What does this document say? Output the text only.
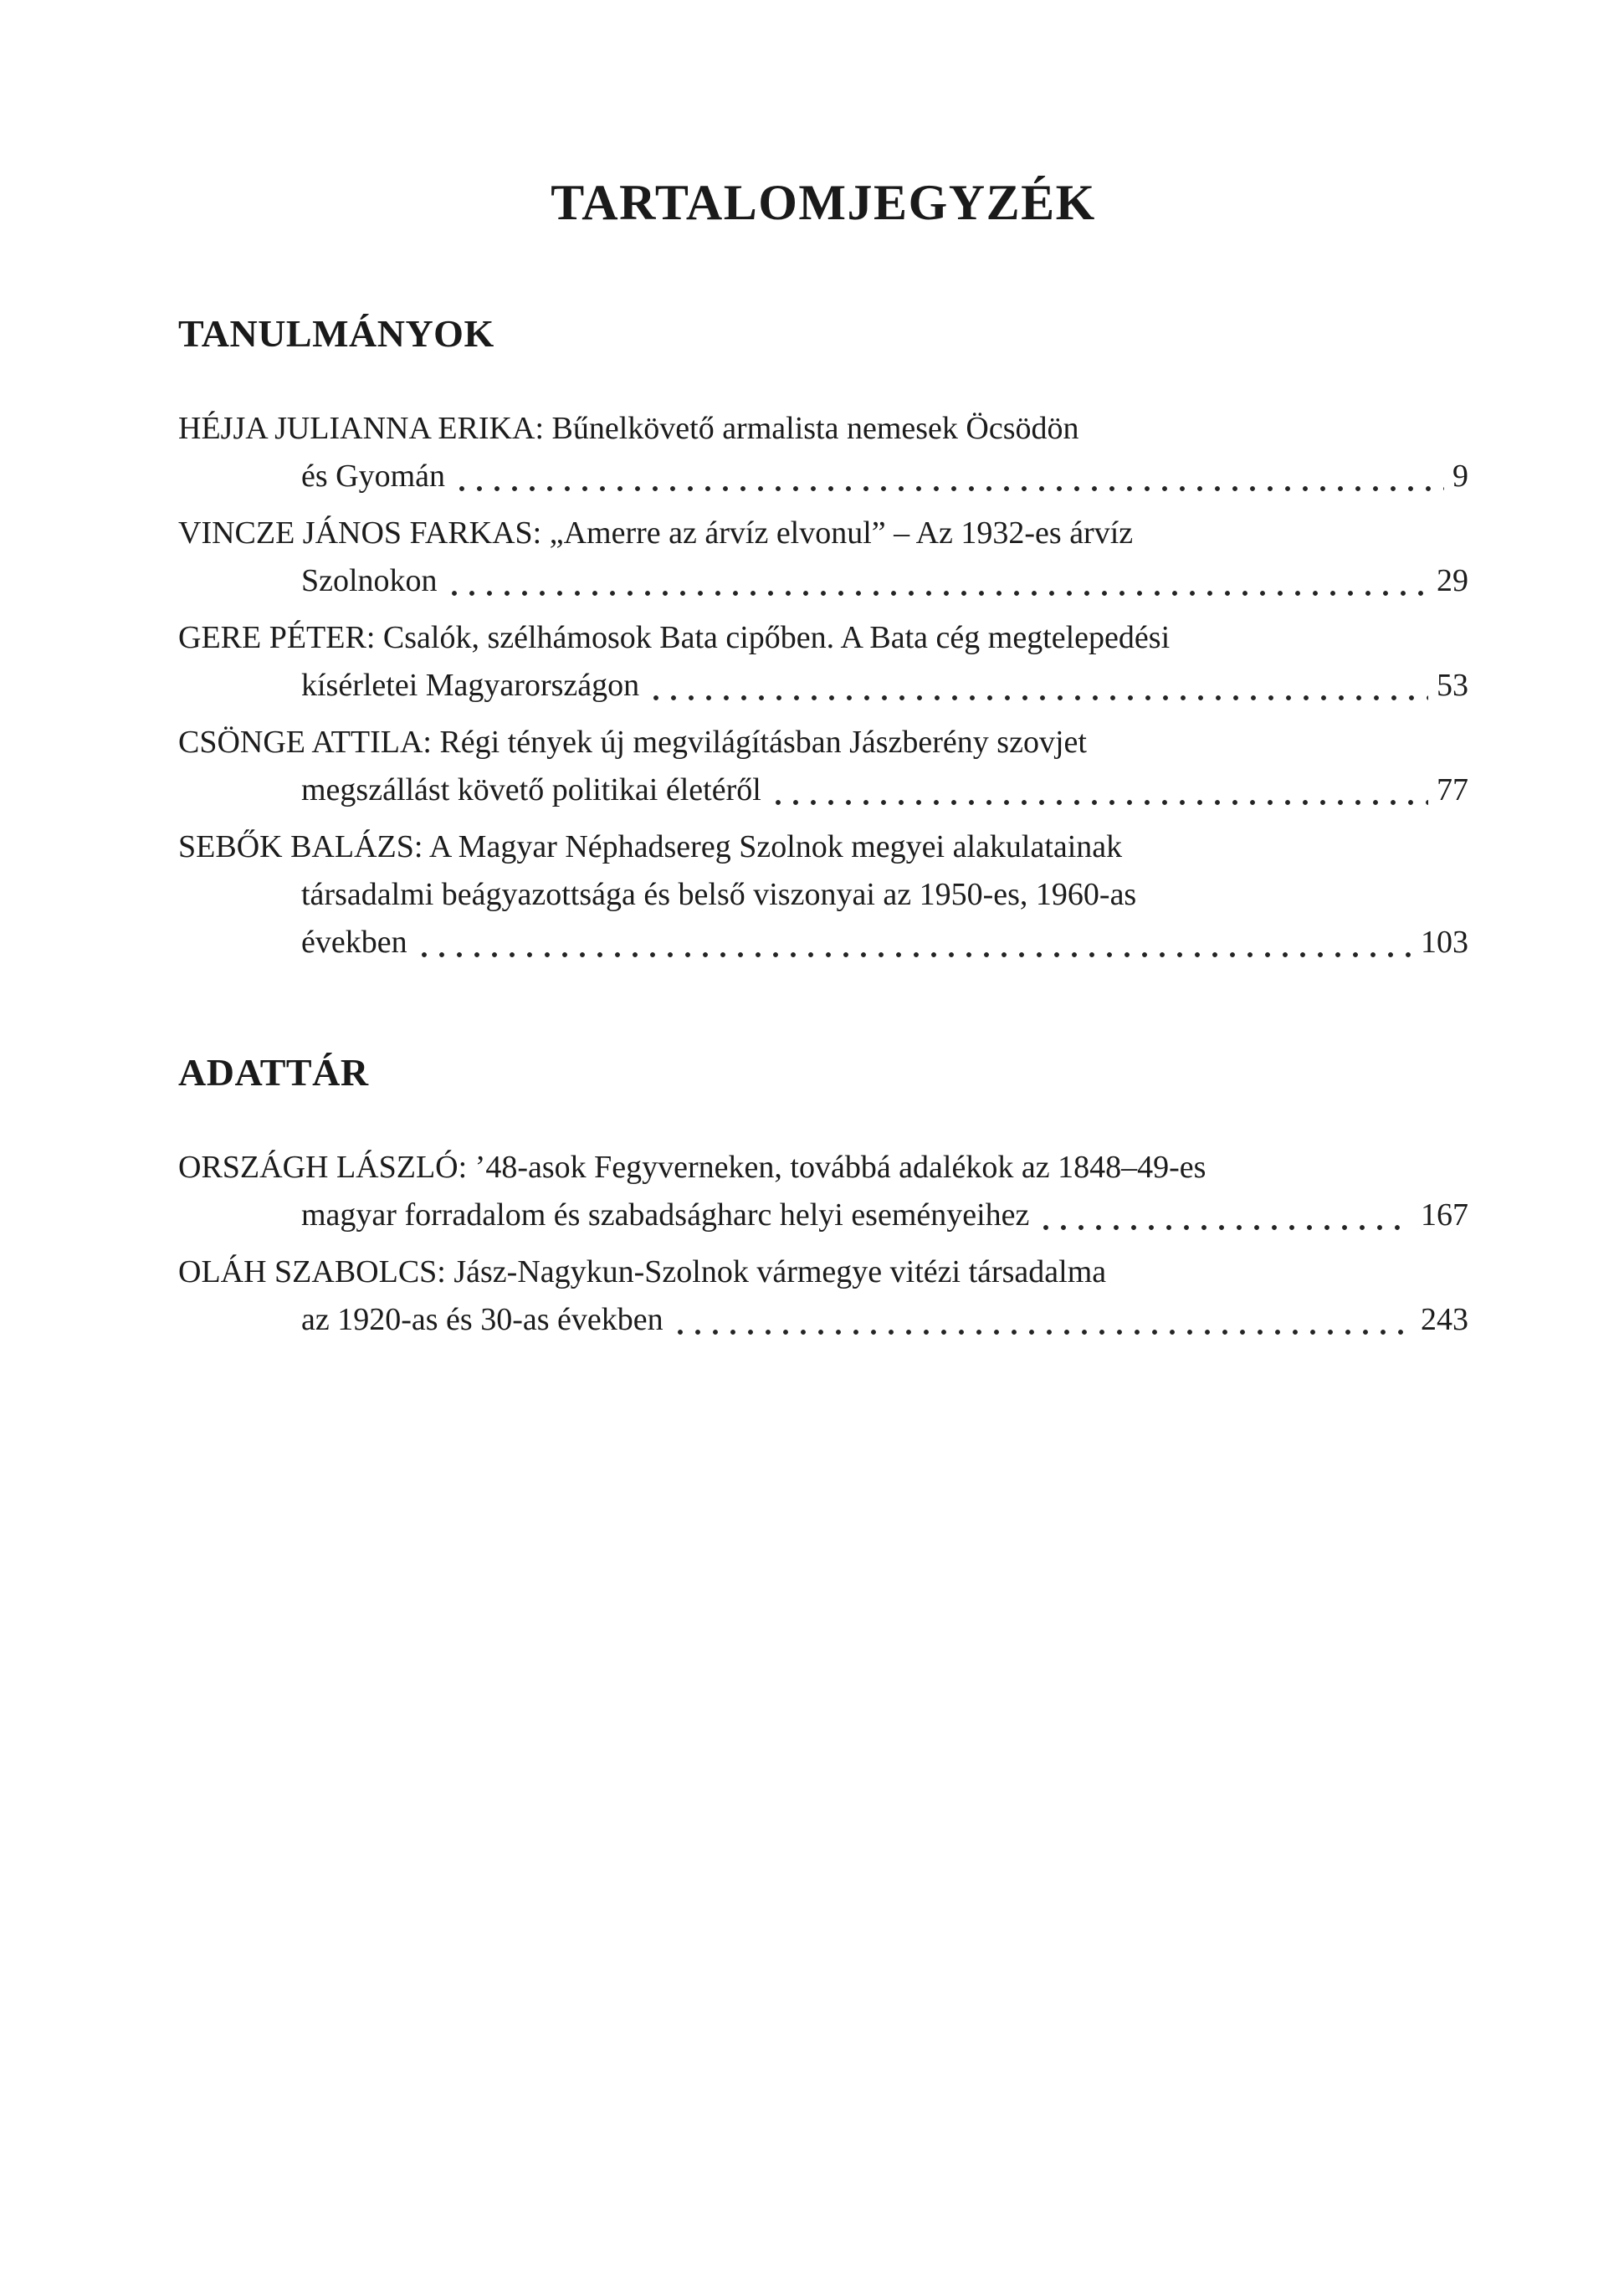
TARTALOMJEGYZÉK
TANULMÁNYOK
HÉJJA JULIANNA ERIKA: Bűnelkövető armalista nemesek Öcsödön
és Gyomán	9
VINCZE JÁNOS FARKAS: „Amerre az árvíz elvonul” – Az 1932-es árvíz
Szolnokon	29
GERE PÉTER: Csalók, szélhámosok Bata cipőben. A Bata cég megtelepedési
kísérletei Magyarországon	53
CSÖNGE ATTILA: Régi tények új megvilágításban Jászberény szovjet
megszállást követő politikai életéről	77
SEBŐK BALÁZS: A Magyar Néphadsereg Szolnok megyei alakulatainak
társadalmi beágyazottsága és belső viszonyai az 1950-es, 1960-as
években	103
ADATTÁR
ORSZÁGH LÁSZLÓ: ’48-asok Fegyverneken, továbbá adalékok az 1848–49-es
magyar forradalom és szabadságharc helyi eseményeihez	167
OLÁH SZABOLCS: Jász-Nagykun-Szolnok vármegye vitézi társadalma
az 1920-as és 30-as években	243
